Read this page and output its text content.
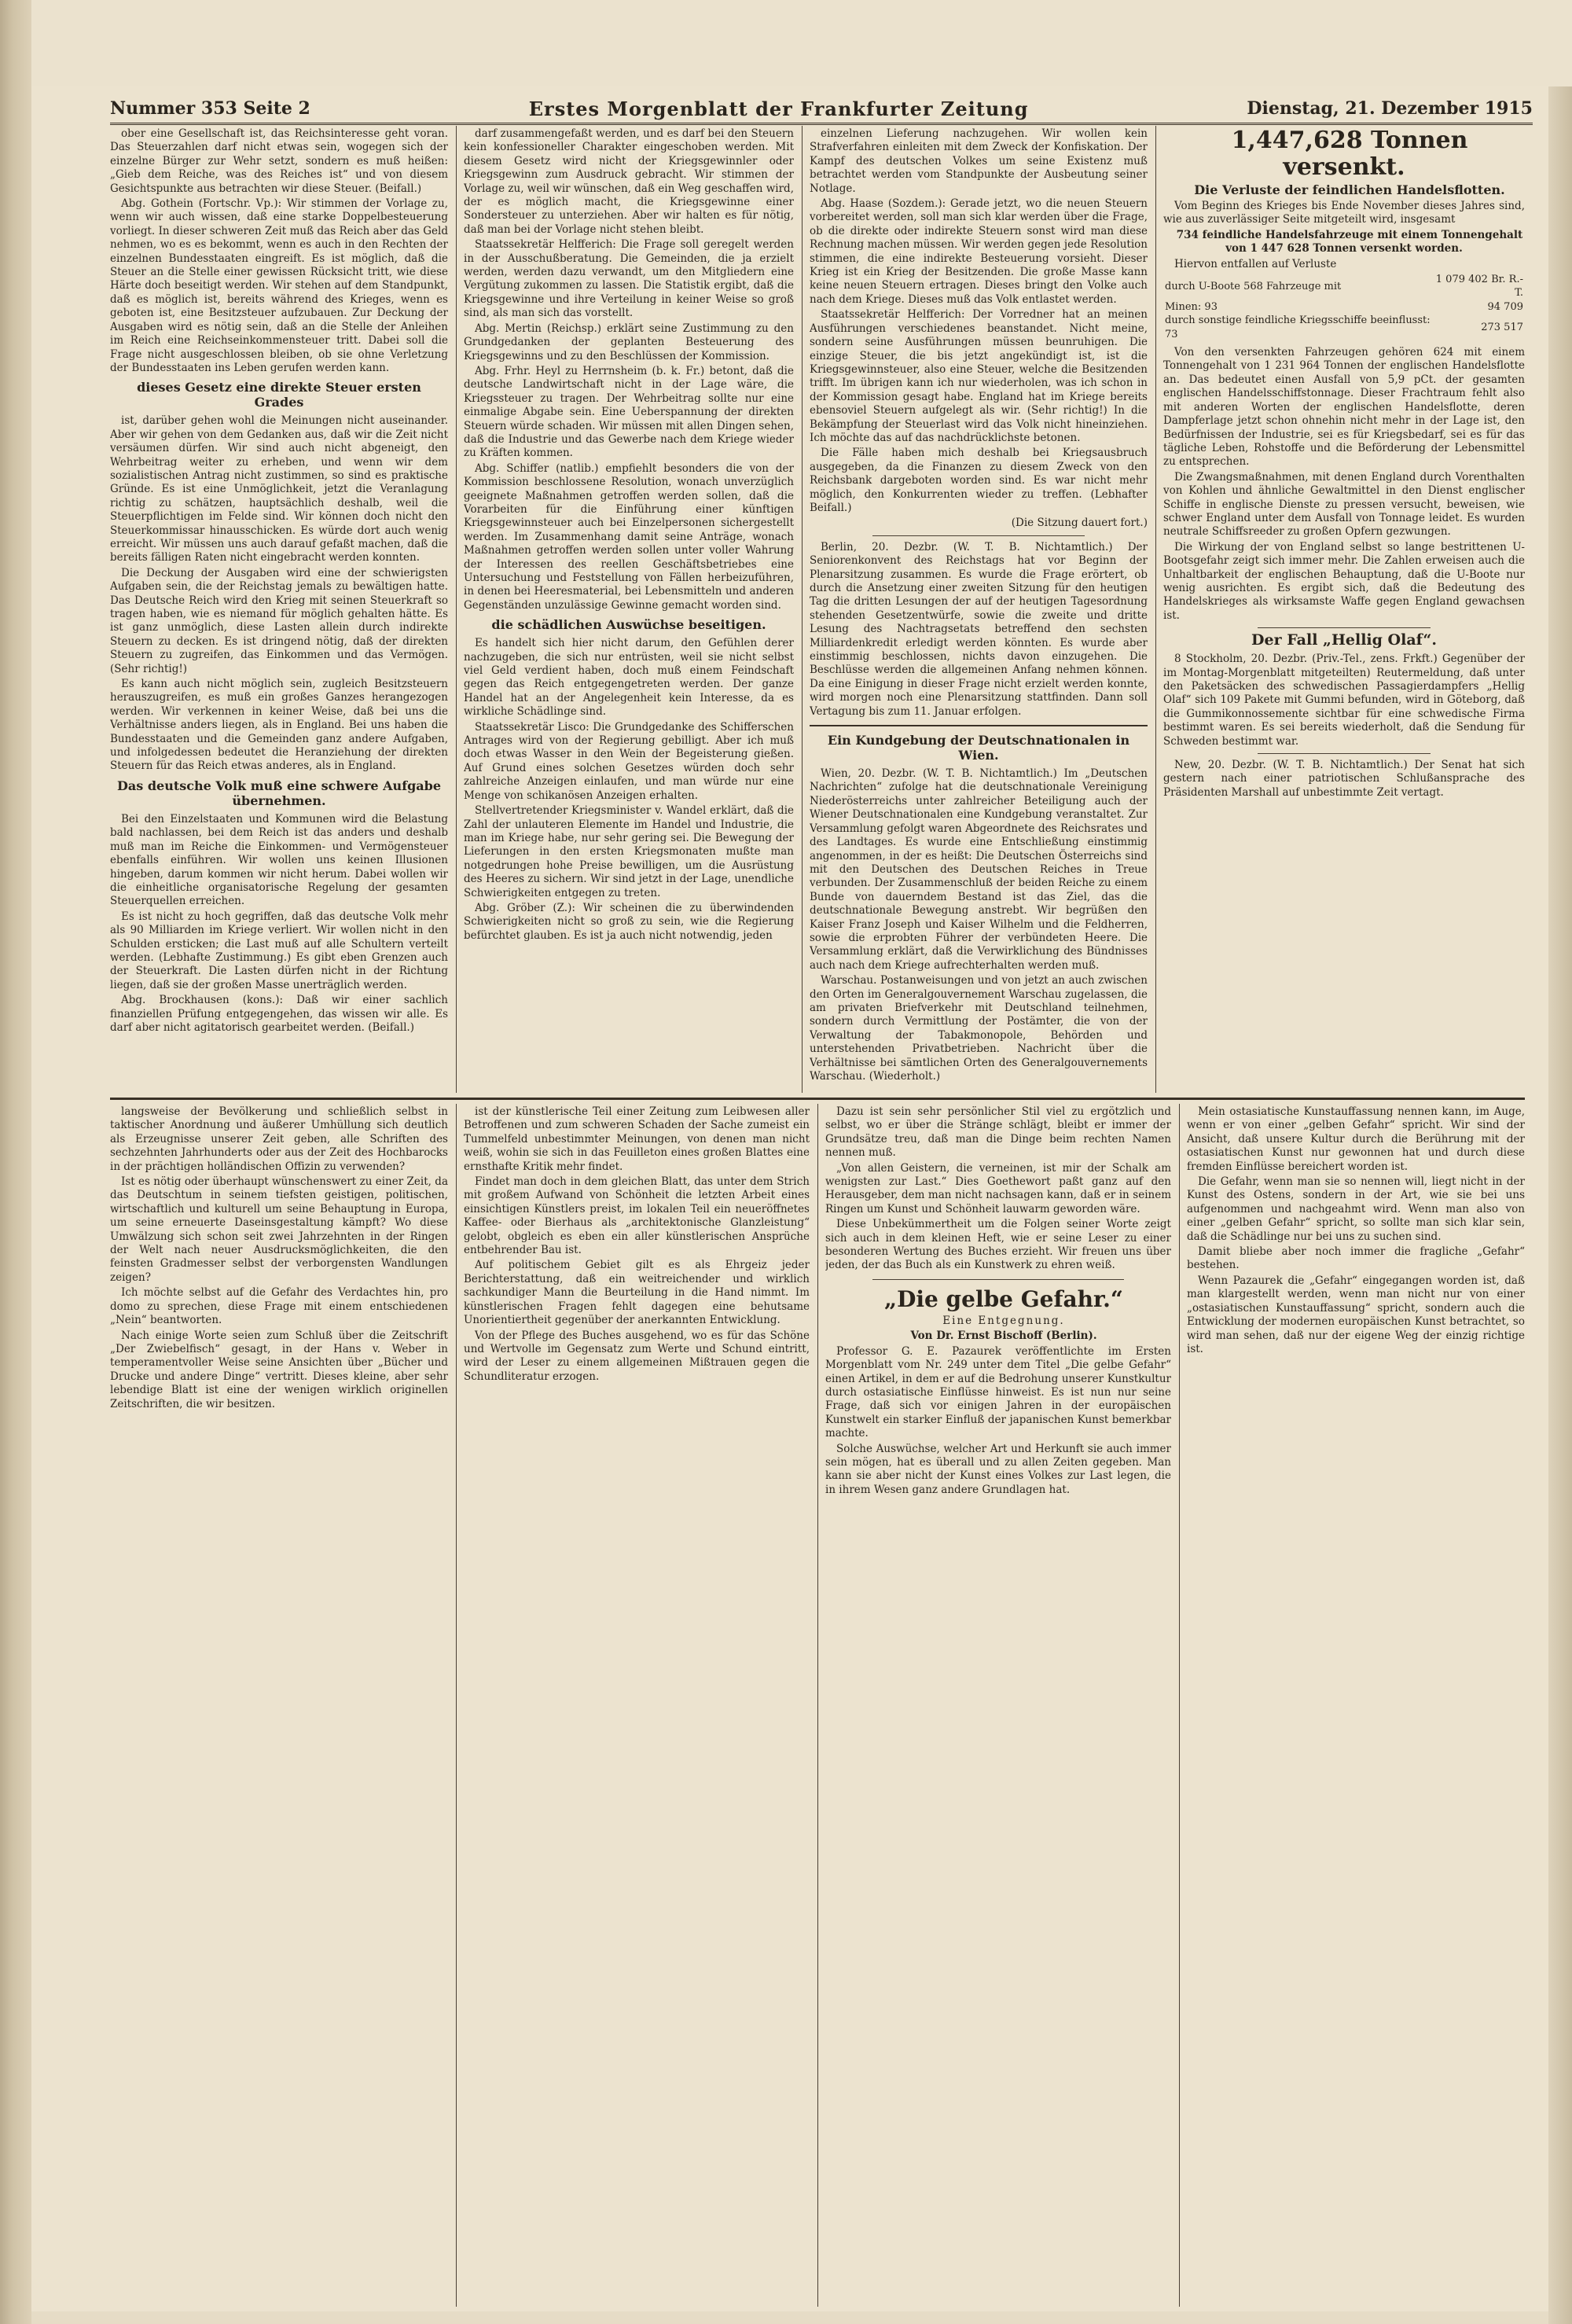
Nummer 353 Seite 2	Erstes Morgenblatt der Frankfurter Zeitung	Dienstag, 21. Dezember 1915

ober eine Gesellschaft ist, das Reichsinteresse geht voran. Das Steuerzahlen darf nicht etwas sein, wogegen sich der einzelne Bürger zur Wehr setzt, sondern es muß heißen: „Gieb dem Reiche, was des Reiches ist“ und von diesem Gesichtspunkte aus betrachten wir diese Steuer. (Beifall.)

Abg. Gothein (Fortschr. Vp.): Wir stimmen der Vorlage zu, wenn wir auch wissen, daß eine starke Doppelbesteuerung vorliegt. In dieser schweren Zeit muß das Reich aber das Geld nehmen, wo es es bekommt, wenn es auch in den Rechten der einzelnen Bundesstaaten eingreift. Es ist möglich, daß die Steuer an die Stelle einer gewissen Rücksicht tritt, wie diese Härte doch beseitigt werden. Wir stehen auf dem Standpunkt, daß es möglich ist, bereits während des Krieges, wenn es geboten ist, eine Besitzsteuer aufzubauen. Zur Deckung der Ausgaben wird es nötig sein, daß an die Stelle der Anleihen im Reich eine Reichseinkommensteuer tritt. Dabei soll die Frage nicht ausgeschlossen bleiben, ob sie ohne Verletzung der Bundesstaaten ins Leben gerufen werden kann.

dieses Gesetz eine direkte Steuer ersten Grades

ist, darüber gehen wohl die Meinungen nicht auseinander. Aber wir gehen von dem Gedanken aus, daß wir die Zeit nicht versäumen dürfen. Wir sind auch nicht abgeneigt, den Wehrbeitrag weiter zu erheben, und wenn wir dem sozialistischen Antrag nicht zustimmen, so sind es praktische Gründe. Es ist eine Unmöglichkeit, jetzt die Veranlagung richtig zu schätzen, hauptsächlich deshalb, weil die Steuerpflichtigen im Felde sind. Wir können doch nicht den Steuerkommissar hinausschicken. Es würde dort auch wenig erreicht. Wir müssen uns auch darauf gefaßt machen, daß die bereits fälligen Raten nicht eingebracht werden konnten.

Die Deckung der Ausgaben wird eine der schwierigsten Aufgaben sein, die der Reichstag jemals zu bewältigen hatte. Das Deutsche Reich wird den Krieg mit seinen Steuerkraft so tragen haben, wie es niemand für möglich gehalten hätte. Es ist ganz unmöglich, diese Lasten allein durch indirekte Steuern zu decken. Es ist dringend nötig, daß der direkten Steuern zu zugreifen, das Einkommen und das Vermögen. (Sehr richtig!)

Es kann auch nicht möglich sein, zugleich Besitzsteuern herauszugreifen, es muß ein großes Ganzes herangezogen werden. Wir verkennen in keiner Weise, daß bei uns die Verhältnisse anders liegen, als in England. Bei uns haben die Bundesstaaten und die Gemeinden ganz andere Aufgaben, und infolgedessen bedeutet die Heranziehung der direkten Steuern für das Reich etwas anderes, als in England.

Das deutsche Volk muß eine schwere Aufgabe übernehmen.

Bei den Einzelstaaten und Kommunen wird die Belastung bald nachlassen, bei dem Reich ist das anders und deshalb muß man im Reiche die Einkommen- und Vermögensteuer ebenfalls einführen. Wir wollen uns keinen Illusionen hingeben, darum kommen wir nicht herum. Dabei wollen wir die einheitliche organisatorische Regelung der gesamten Steuerquellen erreichen.

Es ist nicht zu hoch gegriffen, daß das deutsche Volk mehr als 90 Milliarden im Kriege verliert. Wir wollen nicht in den Schulden ersticken; die Last muß auf alle Schultern verteilt werden. (Lebhafte Zustimmung.) Es gibt eben Grenzen auch der Steuerkraft. Die Lasten dürfen nicht in der Richtung liegen, daß sie der großen Masse unerträglich werden.

Abg. Brockhausen (kons.): Daß wir einer sachlich finanziellen Prüfung entgegengehen, das wissen wir alle. Es darf aber nicht agitatorisch gearbeitet werden. (Beifall.)

darf zusammengefaßt werden, und es darf bei den Steuern kein konfessioneller Charakter eingeschoben werden. Mit diesem Gesetz wird nicht der Kriegsgewinnler oder Kriegsgewinn zum Ausdruck gebracht. Wir stimmen der Vorlage zu, weil wir wünschen, daß ein Weg geschaffen wird, der es möglich macht, die Kriegsgewinne einer Sondersteuer zu unterziehen. Aber wir halten es für nötig, daß man bei der Vorlage nicht stehen bleibt.

Staatssekretär Helfferich: Die Frage soll geregelt werden in der Ausschußberatung. Die Gemeinden, die ja erzielt werden, werden dazu verwandt, um den Mitgliedern eine Vergütung zukommen zu lassen. Die Statistik ergibt, daß die Kriegsgewinne und ihre Verteilung in keiner Weise so groß sind, als man sich das vorstellt.

Abg. Mertin (Reichsp.) erklärt seine Zustimmung zu den Grundgedanken der geplanten Besteuerung des Kriegsgewinns und zu den Beschlüssen der Kommission.

Abg. Frhr. Heyl zu Herrnsheim (b. k. Fr.) betont, daß die deutsche Landwirtschaft nicht in der Lage wäre, die Kriegssteuer zu tragen. Der Wehrbeitrag sollte nur eine einmalige Abgabe sein. Eine Ueberspannung der direkten Steuern würde schaden. Wir müssen mit allen Dingen sehen, daß die Industrie und das Gewerbe nach dem Kriege wieder zu Kräften kommen.

Abg. Schiffer (natlib.) empfiehlt besonders die von der Kommission beschlossene Resolution, wonach unverzüglich geeignete Maßnahmen getroffen werden sollen, daß die Vorarbeiten für die Einführung einer künftigen Kriegsgewinnsteuer auch bei Einzelpersonen sichergestellt werden. Im Zusammenhang damit seine Anträge, wonach Maßnahmen getroffen werden sollen unter voller Wahrung der Interessen des reellen Geschäftsbetriebes eine Untersuchung und Feststellung von Fällen herbeizuführen, in denen bei Heeresmaterial, bei Lebensmitteln und anderen Gegenständen unzulässige Gewinne gemacht worden sind.

die schädlichen Auswüchse beseitigen.

Es handelt sich hier nicht darum, den Gefühlen derer nachzugeben, die sich nur entrüsten, weil sie nicht selbst viel Geld verdient haben, doch muß einem Feindschaft gegen das Reich entgegengetreten werden. Der ganze Handel hat an der Angelegenheit kein Interesse, da es wirkliche Schädlinge sind.

Staatssekretär Lisco: Die Grundgedanke des Schifferschen Antrages wird von der Regierung gebilligt. Aber ich muß doch etwas Wasser in den Wein der Begeisterung gießen. Auf Grund eines solchen Gesetzes würden doch sehr zahlreiche Anzeigen einlaufen, und man würde nur eine Menge von schikanösen Anzeigen erhalten.

Stellvertretender Kriegsminister v. Wandel erklärt, daß die Zahl der unlauteren Elemente im Handel und Industrie, die man im Kriege habe, nur sehr gering sei. Die Bewegung der Lieferungen in den ersten Kriegsmonaten mußte man notgedrungen hohe Preise bewilligen, um die Ausrüstung des Heeres zu sichern. Wir sind jetzt in der Lage, unendliche Schwierigkeiten entgegen zu treten.

Abg. Gröber (Z.): Wir scheinen die zu überwindenden Schwierigkeiten nicht so groß zu sein, wie die Regierung befürchtet glauben. Es ist ja auch nicht notwendig, jeden

einzelnen Lieferung nachzugehen. Wir wollen kein Strafverfahren einleiten mit dem Zweck der Konfiskation. Der Kampf des deutschen Volkes um seine Existenz muß betrachtet werden vom Standpunkte der Ausbeutung seiner Notlage.

Abg. Haase (Sozdem.): Gerade jetzt, wo die neuen Steuern vorbereitet werden, soll man sich klar werden über die Frage, ob die direkte oder indirekte Steuern sonst wird man diese Rechnung machen müssen. Wir werden gegen jede Resolution stimmen, die eine indirekte Besteuerung vorsieht. Dieser Krieg ist ein Krieg der Besitzenden. Die große Masse kann keine neuen Steuern ertragen. Dieses bringt den Volke auch nach dem Kriege. Dieses muß das Volk entlastet werden.

Staatssekretär Helfferich: Der Vorredner hat an meinen Ausführungen verschiedenes beanstandet. Nicht meine, sondern seine Ausführungen müssen beunruhigen. Die einzige Steuer, die bis jetzt angekündigt ist, ist die Kriegsgewinnsteuer, also eine Steuer, welche die Besitzenden trifft. Im übrigen kann ich nur wiederholen, was ich schon in der Kommission gesagt habe. England hat im Kriege bereits ebensoviel Steuern aufgelegt als wir. (Sehr richtig!) In die Bekämpfung der Steuerlast wird das Volk nicht hineinziehen. Ich möchte das auf das nachdrücklichste betonen.

Die Fälle haben mich deshalb bei Kriegsausbruch ausgegeben, da die Finanzen zu diesem Zweck von den Reichsbank dargeboten worden sind. Es war nicht mehr möglich, den Konkurrenten wieder zu treffen. (Lebhafter Beifall.)

(Die Sitzung dauert fort.)

Berlin, 20. Dezbr. (W. T. B. Nichtamtlich.) Der Seniorenkonvent des Reichstags hat vor Beginn der Plenarsitzung zusammen. Es wurde die Frage erörtert, ob durch die Ansetzung einer zweiten Sitzung für den heutigen Tag die dritten Lesungen der auf der heutigen Tagesordnung stehenden Gesetzentwürfe, sowie die zweite und dritte Lesung des Nachtragsetats betreffend den sechsten Milliardenkredit erledigt werden könnten. Es wurde aber einstimmig beschlossen, nichts davon einzugehen. Die Beschlüsse werden die allgemeinen Anfang nehmen können. Da eine Einigung in dieser Frage nicht erzielt werden konnte, wird morgen noch eine Plenarsitzung stattfinden. Dann soll Vertagung bis zum 11. Januar erfolgen.

Ein Kundgebung der Deutschnationalen in Wien.

Wien, 20. Dezbr. (W. T. B. Nichtamtlich.) Im „Deutschen Nachrichten“ zufolge hat die deutschnationale Vereinigung Niederösterreichs unter zahlreicher Beteiligung auch der Wiener Deutschnationalen eine Kundgebung veranstaltet. Zur Versammlung gefolgt waren Abgeordnete des Reichsrates und des Landtages. Es wurde eine Entschließung einstimmig angenommen, in der es heißt: Die Deutschen Österreichs sind mit den Deutschen des Deutschen Reiches in Treue verbunden. Der Zusammenschluß der beiden Reiche zu einem Bunde von dauerndem Bestand ist das Ziel, das die deutschnationale Bewegung anstrebt. Wir begrüßen den Kaiser Franz Joseph und Kaiser Wilhelm und die Feldherren, sowie die erprobten Führer der verbündeten Heere. Die Versammlung erklärt, daß die Verwirklichung des Bündnisses auch nach dem Kriege aufrechterhalten werden muß.

Warschau. Postanweisungen und von jetzt an auch zwischen den Orten im Generalgouvernement Warschau zugelassen, die am privaten Briefverkehr mit Deutschland teilnehmen, sondern durch Vermittlung der Postämter, die von der Verwaltung der Tabakmonopole, Behörden und unterstehenden Privatbetrieben. Nachricht über die Verhältnisse bei sämtlichen Orten des Generalgouvernements Warschau. (Wiederholt.)

1,447,628 Tonnen versenkt.

Die Verluste der feindlichen Handelsflotten.

Vom Beginn des Krieges bis Ende November dieses Jahres sind, wie aus zuverlässiger Seite mitgeteilt wird, insgesamt

734 feindliche Handelsfahrzeuge mit einem Tonnengehalt von 1 447 628 Tonnen versenkt worden.

Hiervon entfallen auf Verluste

durch U-Boote 568 Fahrzeuge mit	1 079 402 Br. R.-T.
Minen: 93	94 709
durch sonstige feindliche Kriegsschiffe beeinflusst: 73	273 517

Von den versenkten Fahrzeugen gehören 624 mit einem Tonnengehalt von 1 231 964 Tonnen der englischen Handelsflotte an. Das bedeutet einen Ausfall von 5,9 pCt. der gesamten englischen Handelsschiffstonnage. Dieser Frachtraum fehlt also mit anderen Worten der englischen Handelsflotte, deren Dampferlage jetzt schon ohnehin nicht mehr in der Lage ist, den Bedürfnissen der Industrie, sei es für Kriegsbedarf, sei es für das tägliche Leben, Rohstoffe und die Beförderung der Lebensmittel zu entsprechen.

Die Zwangsmaßnahmen, mit denen England durch Vorenthalten von Kohlen und ähnliche Gewaltmittel in den Dienst englischer Schiffe in englische Dienste zu pressen versucht, beweisen, wie schwer England unter dem Ausfall von Tonnage leidet. Es wurden neutrale Schiffsreeder zu großen Opfern gezwungen.

Die Wirkung der von England selbst so lange bestrittenen U-Bootsgefahr zeigt sich immer mehr. Die Zahlen erweisen auch die Unhaltbarkeit der englischen Behauptung, daß die U-Boote nur wenig ausrichten. Es ergibt sich, daß die Bedeutung des Handelskrieges als wirksamste Waffe gegen England gewachsen ist.

Der Fall „Hellig Olaf“.

8 Stockholm, 20. Dezbr. (Priv.-Tel., zens. Frkft.) Gegenüber der im Montag-Morgenblatt mitgeteilten) Reutermeldung, daß unter den Paketsäcken des schwedischen Passagierdampfers „Hellig Olaf“ sich 109 Pakete mit Gummi befunden, wird in Göteborg, daß die Gummikonnossemente sichtbar für eine schwedische Firma bestimmt waren. Es sei bereits wiederholt, daß die Sendung für Schweden bestimmt war.

New, 20. Dezbr. (W. T. B. Nichtamtlich.) Der Senat hat sich gestern nach einer patriotischen Schlußansprache des Präsidenten Marshall auf unbestimmte Zeit vertagt.

langsweise der Bevölkerung und schließlich selbst in taktischer Anordnung und äußerer Umhüllung sich deutlich als Erzeugnisse unserer Zeit geben, alle Schriften des sechzehnten Jahrhunderts oder aus der Zeit des Hochbarocks in der prächtigen holländischen Offizin zu verwenden?

Ist es nötig oder überhaupt wünschenswert zu einer Zeit, da das Deutschtum in seinem tiefsten geistigen, politischen, wirtschaftlich und kulturell um seine Behauptung in Europa, um seine erneuerte Daseinsgestaltung kämpft? Wo diese Umwälzung sich schon seit zwei Jahrzehnten in der Ringen der Welt nach neuer Ausdrucksmöglichkeiten, die den feinsten Gradmesser selbst der verborgensten Wandlungen zeigen?

Ich möchte selbst auf die Gefahr des Verdachtes hin, pro domo zu sprechen, diese Frage mit einem entschiedenen „Nein“ beantworten.

Nach einige Worte seien zum Schluß über die Zeitschrift „Der Zwiebelfisch“ gesagt, in der Hans v. Weber in temperamentvoller Weise seine Ansichten über „Bücher und Drucke und andere Dinge“ vertritt. Dieses kleine, aber sehr lebendige Blatt ist eine der wenigen wirklich originellen Zeitschriften, die wir besitzen.

ist der künstlerische Teil einer Zeitung zum Leibwesen aller Betroffenen und zum schweren Schaden der Sache zumeist ein Tummelfeld unbestimmter Meinungen, von denen man nicht weiß, wohin sie sich in das Feuilleton eines großen Blattes eine ernsthafte Kritik mehr findet.

Findet man doch in dem gleichen Blatt, das unter dem Strich mit großem Aufwand von Schönheit die letzten Arbeit eines einsichtigen Künstlers preist, im lokalen Teil ein neueröffnetes Kaffee- oder Bierhaus als „architektonische Glanzleistung“ gelobt, obgleich es eben ein aller künstlerischen Ansprüche entbehrender Bau ist.

Auf politischem Gebiet gilt es als Ehrgeiz jeder Berichterstattung, daß ein weitreichender und wirklich sachkundiger Mann die Beurteilung in die Hand nimmt. Im künstlerischen Fragen fehlt dagegen eine behutsame Unorientiertheit gegenüber der anerkannten Entwicklung.

Von der Pflege des Buches ausgehend, wo es für das Schöne und Wertvolle im Gegensatz zum Werte und Schund eintritt, wird der Leser zu einem allgemeinen Mißtrauen gegen die Schundliteratur erzogen.

Dazu ist sein sehr persönlicher Stil viel zu ergötzlich und selbst, wo er über die Stränge schlägt, bleibt er immer der Grundsätze treu, daß man die Dinge beim rechten Namen nennen muß.

„Von allen Geistern, die verneinen, ist mir der Schalk am wenigsten zur Last.“ Dies Goethewort paßt ganz auf den Herausgeber, dem man nicht nachsagen kann, daß er in seinem Ringen um Kunst und Schönheit lauwarm geworden wäre.

Diese Unbekümmertheit um die Folgen seiner Worte zeigt sich auch in dem kleinen Heft, wie er seine Leser zu einer besonderen Wertung des Buches erzieht. Wir freuen uns über jeden, der das Buch als ein Kunstwerk zu ehren weiß.

„Die gelbe Gefahr.“

Eine Entgegnung.

Von Dr. Ernst Bischoff (Berlin).

Professor G. E. Pazaurek veröffentlichte im Ersten Morgenblatt vom Nr. 249 unter dem Titel „Die gelbe Gefahr“ einen Artikel, in dem er auf die Bedrohung unserer Kunstkultur durch ostasiatische Einflüsse hinweist. Es ist nun nur seine Frage, daß sich vor einigen Jahren in der europäischen Kunstwelt ein starker Einfluß der japanischen Kunst bemerkbar machte.

Solche Auswüchse, welcher Art und Herkunft sie auch immer sein mögen, hat es überall und zu allen Zeiten gegeben. Man kann sie aber nicht der Kunst eines Volkes zur Last legen, die in ihrem Wesen ganz andere Grundlagen hat.

Mein ostasiatische Kunstauffassung nennen kann, im Auge, wenn er von einer „gelben Gefahr“ spricht. Wir sind der Ansicht, daß unsere Kultur durch die Berührung mit der ostasiatischen Kunst nur gewonnen hat und durch diese fremden Einflüsse bereichert worden ist.

Die Gefahr, wenn man sie so nennen will, liegt nicht in der Kunst des Ostens, sondern in der Art, wie sie bei uns aufgenommen und nachgeahmt wird. Wenn man also von einer „gelben Gefahr“ spricht, so sollte man sich klar sein, daß die Schädlinge nur bei uns zu suchen sind.

Damit bliebe aber noch immer die fragliche „Gefahr“ bestehen.

Wenn Pazaurek die „Gefahr“ eingegangen worden ist, daß man klargestellt werden, wenn man nicht nur von einer „ostasiatischen Kunstauffassung“ spricht, sondern auch die Entwicklung der modernen europäischen Kunst betrachtet, so wird man sehen, daß nur der eigene Weg der einzig richtige ist.
